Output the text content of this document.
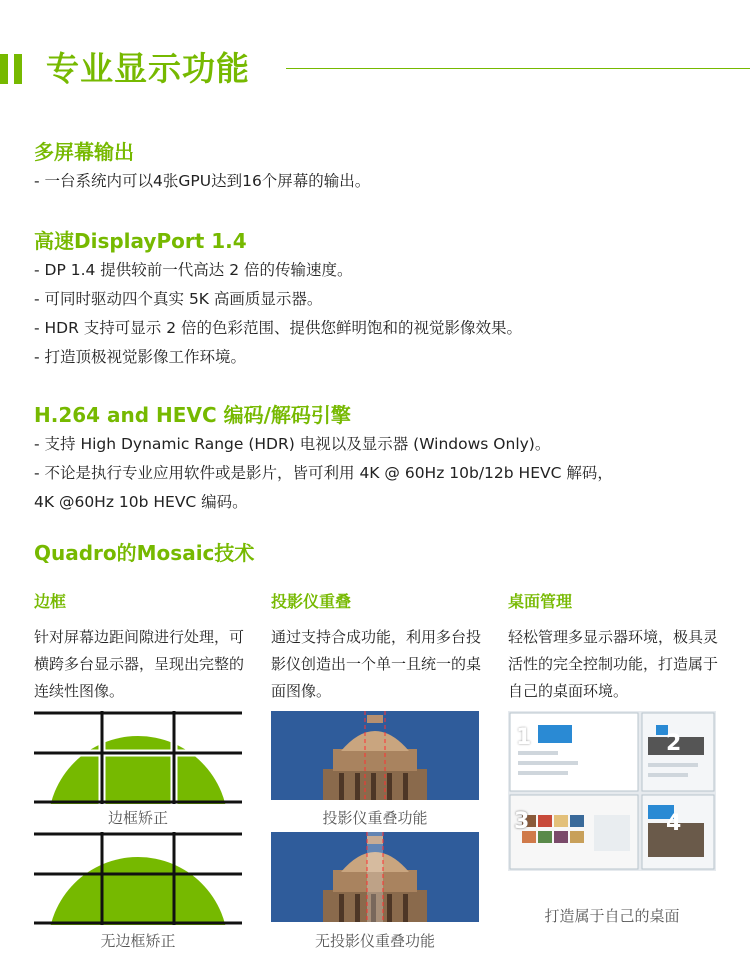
专业显示功能
多屏幕输出
- 一台系统内可以4张GPU达到16个屏幕的输出。
高速DisplayPort 1.4
- DP 1.4 提供较前一代高达 2 倍的传输速度。
- 可同时驱动四个真实 5K 高画质显示器。
- HDR 支持可显示 2 倍的色彩范围、提供您鲜明饱和的视觉影像效果。
- 打造顶极视觉影像工作环境。
H.264 and HEVC 编码/解码引擎
- 支持 High Dynamic Range (HDR) 电视以及显示器 (Windows Only)。
- 不论是执行专业应用软件或是影片，皆可利用 4K @ 60Hz 10b/12b HEVC 解码，
4K @60Hz 10b HEVC 编码。
Quadro的Mosaic技术
边框
针对屏幕边距间隙进行处理，可横跨多台显示器，呈现出完整的连续性图像。
投影仪重叠
通过支持合成功能，利用多台投影仪创造出一个单一且统一的桌面图像。
桌面管理
轻松管理多显示器环境，极具灵活性的完全控制功能，打造属于自己的桌面环境。
边框矫正
无边框矫正
投影仪重叠功能
无投影仪重叠功能
1	2
3	4
打造属于自己的桌面
